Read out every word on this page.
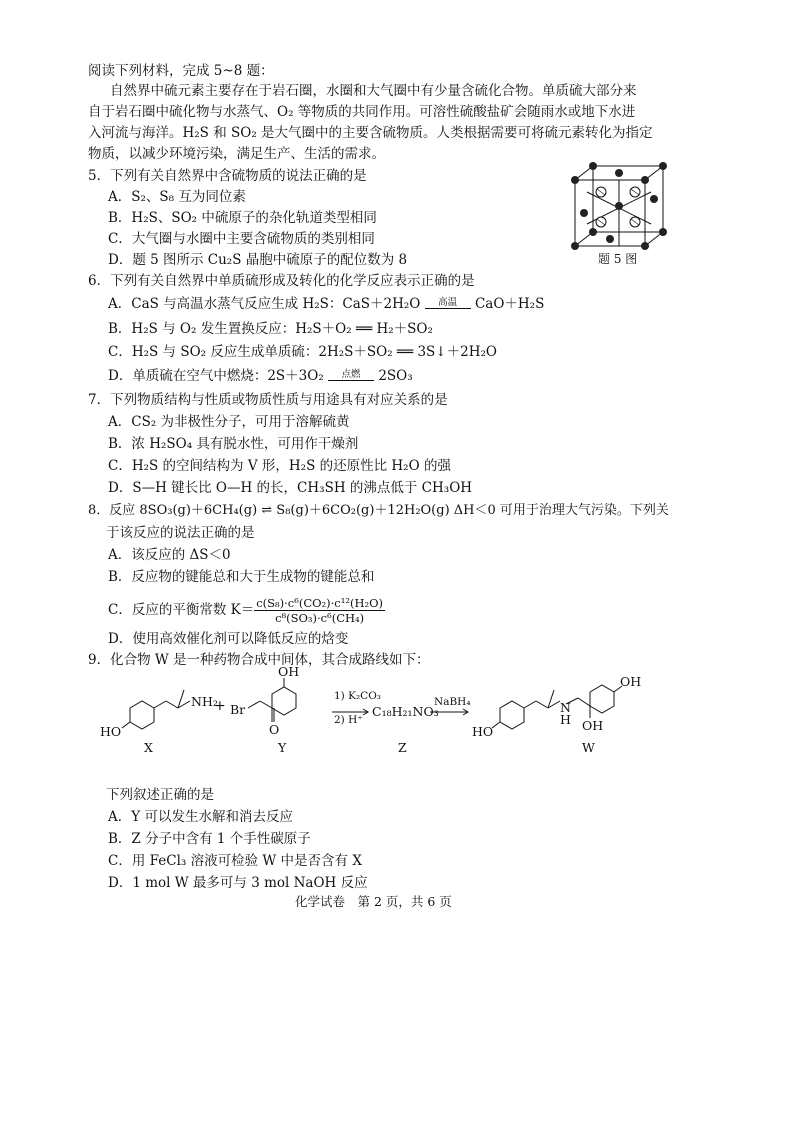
阅读下列材料，完成 5~8 题：
自然界中硫元素主要存在于岩石圈，水圈和大气圈中有少量含硫化合物。单质硫大部分来
自于岩石圈中硫化物与水蒸气、O₂ 等物质的共同作用。可溶性硫酸盐矿会随雨水或地下水进
入河流与海洋。H₂S 和 SO₂ 是大气圈中的主要含硫物质。人类根据需要可将硫元素转化为指定
物质，以减少环境污染，满足生产、生活的需求。
5．下列有关自然界中含硫物质的说法正确的是
A．S₂、S₈ 互为同位素
B．H₂S、SO₂ 中硫原子的杂化轨道类型相同
C．大气圈与水圈中主要含硫物质的类别相同
D．题 5 图所示 Cu₂S 晶胞中硫原子的配位数为 8	题 5 图
6．下列有关自然界中单质硫形成及转化的化学反应表示正确的是
A．CaS 与高温水蒸气反应生成 H₂S：CaS＋2H₂O	高温	CaO＋H₂S
B．H₂S 与 O₂ 发生置换反应：H₂S＋O₂ ══ H₂＋SO₂
C．H₂S 与 SO₂ 反应生成单质硫：2H₂S＋SO₂ ══ 3S↓＋2H₂O
D．单质硫在空气中燃烧：2S＋3O₂	点燃	2SO₃
7．下列物质结构与性质或物质性质与用途具有对应关系的是
A．CS₂ 为非极性分子，可用于溶解硫黄
B．浓 H₂SO₄ 具有脱水性，可用作干燥剂
C．H₂S 的空间结构为 V 形，H₂S 的还原性比 H₂O 的强
D．S—H 键长比 O—H 的长，CH₃SH 的沸点低于 CH₃OH
8．反应 8SO₃(g)＋6CH₄(g) ⇌ S₈(g)＋6CO₂(g)＋12H₂O(g) ΔH＜0 可用于治理大气污染。下列关
于该反应的说法正确的是
A．该反应的 ΔS＜0
B．反应物的键能总和大于生成物的键能总和
C．反应的平衡常数 $K= \frac{\text{c(S₈)·c⁶(CO₂)·c¹²(H₂O)}}{\text{c⁸(SO₃)·c⁶(CH₄)}}$
D．使用高效催化剂可以降低反应的焓变
9．化合物 W 是一种药物合成中间体，其合成路线如下：
HO
NH₂
X
+ Br
O
OH
Y
1) K₂CO₃
2) H⁺
C₁₈H₂₁NO₃
Z
NaBH₄
HO
N
H OH
OH
W
下列叙述正确的是
A．Y 可以发生水解和消去反应
B．Z 分子中含有 1 个手性碳原子
C．用 FeCl₃ 溶液可检验 W 中是否含有 X
D．1 mol W 最多可与 3 mol NaOH 反应
化学试卷　第 2 页，共 6 页
